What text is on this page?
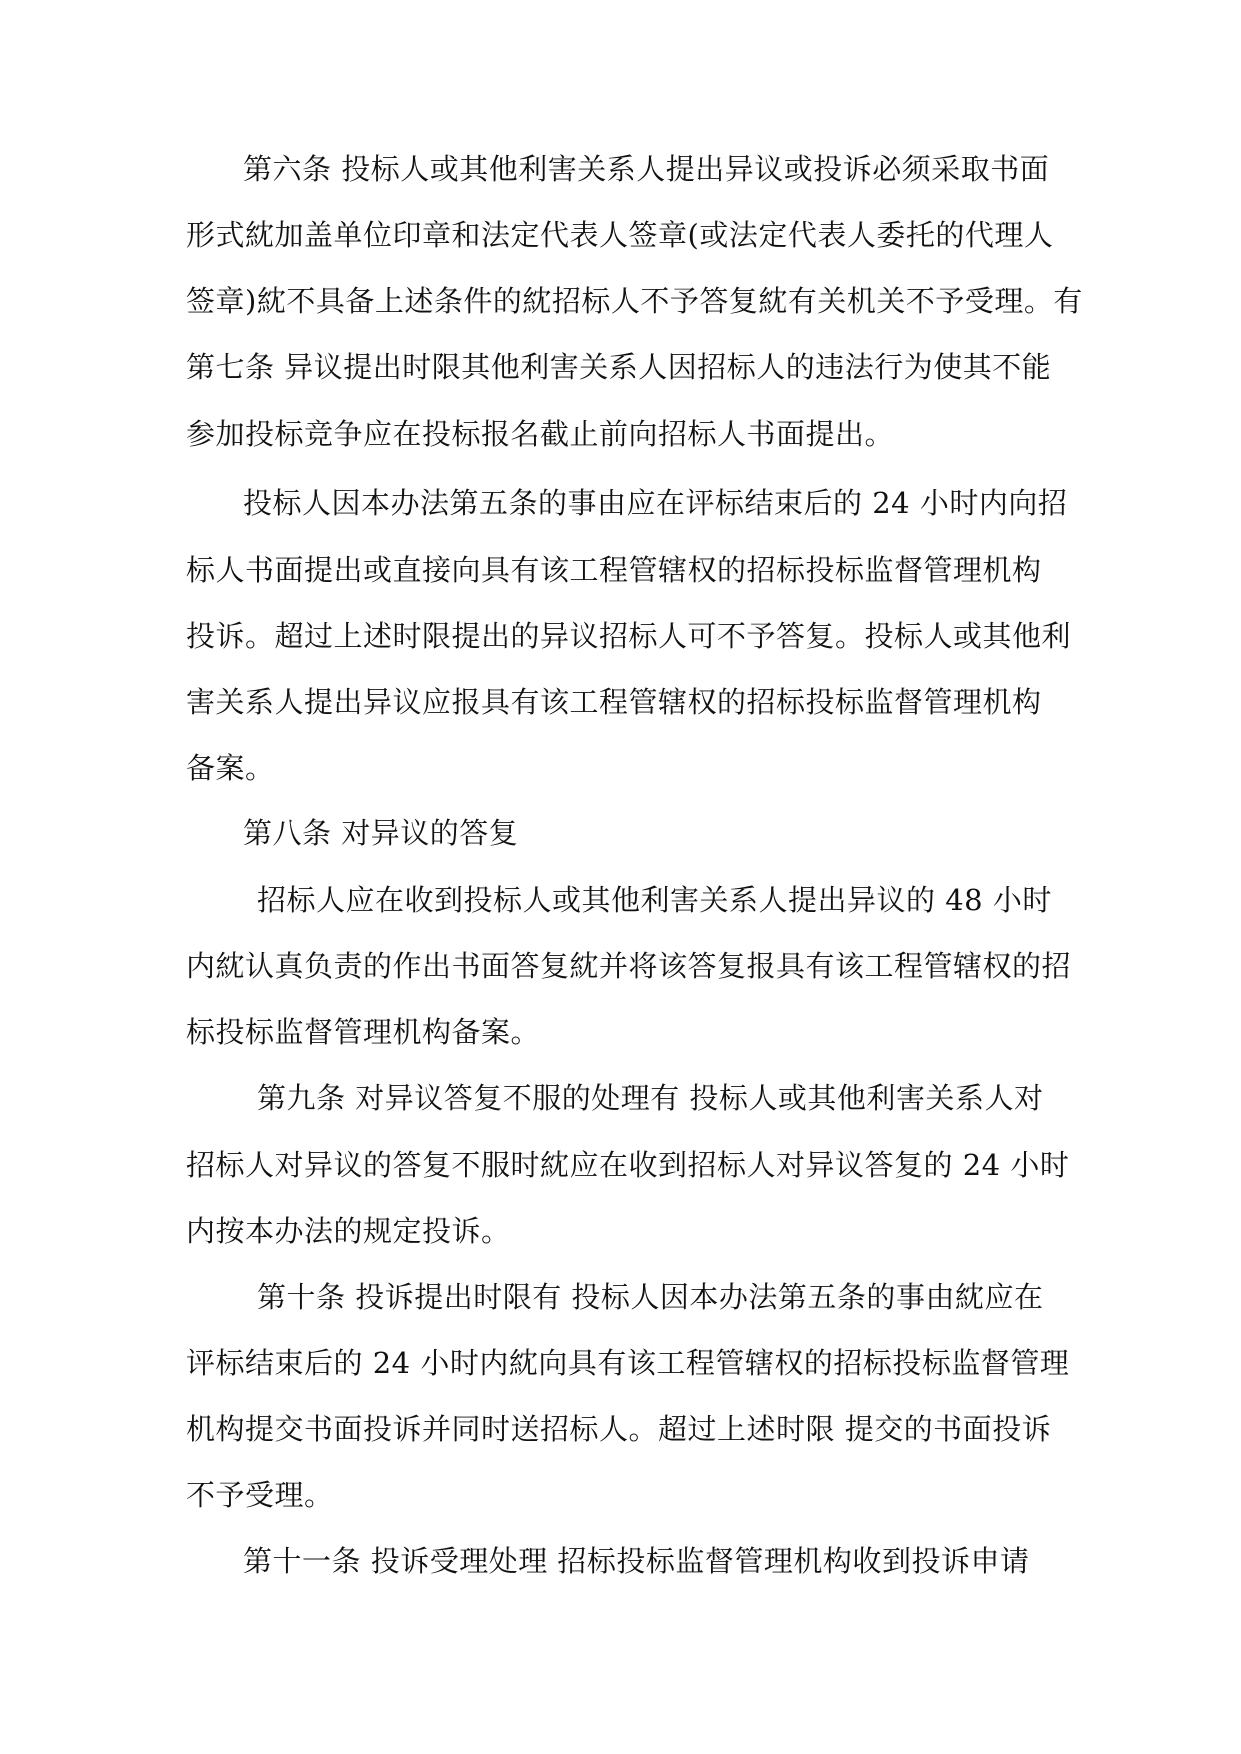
第六条 投标人或其他利害关系人提出异议或投诉必须采取书面
形式紞加盖单位印章和法定代表人签章(或法定代表人委托的代理人
签章)紞不具备上述条件的紞招标人不予答复紞有关机关不予受理。有
第七条 异议提出时限其他利害关系人因招标人的违法行为使其不能
参加投标竞争应在投标报名截止前向招标人书面提出。
投标人因本办法第五条的事由应在评标结束后的 24 小时内向招
标人书面提出或直接向具有该工程管辖权的招标投标监督管理机构
投诉。超过上述时限提出的异议招标人可不予答复。投标人或其他利
害关系人提出异议应报具有该工程管辖权的招标投标监督管理机构
备案。
第八条 对异议的答复
招标人应在收到投标人或其他利害关系人提出异议的 48 小时
内紞认真负责的作出书面答复紞并将该答复报具有该工程管辖权的招
标投标监督管理机构备案。
第九条 对异议答复不服的处理有 投标人或其他利害关系人对
招标人对异议的答复不服时紞应在收到招标人对异议答复的 24 小时
内按本办法的规定投诉。
第十条 投诉提出时限有 投标人因本办法第五条的事由紞应在
评标结束后的 24 小时内紞向具有该工程管辖权的招标投标监督管理
机构提交书面投诉并同时送招标人。超过上述时限 提交的书面投诉
不予受理。
第十一条 投诉受理处理 招标投标监督管理机构收到投诉申请
